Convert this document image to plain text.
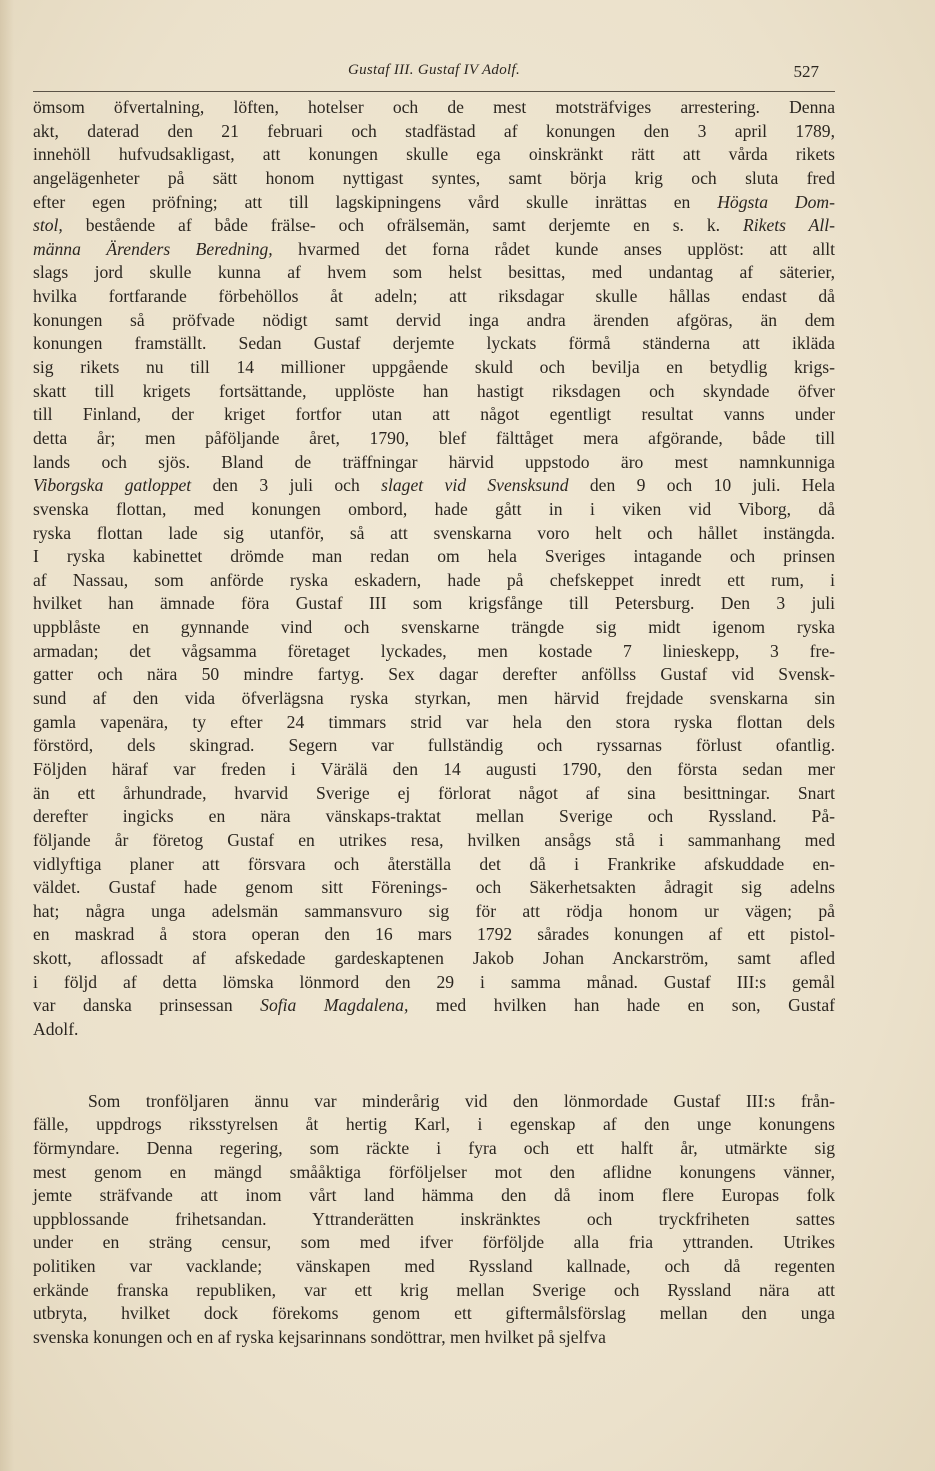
Gustaf III. Gustaf IV Adolf.	527
ömsom öfvertalning, löften, hotelser och de mest motsträfviges arrestering. Denna
akt, daterad den 21 februari och stadfästad af konungen den 3 april 1789,
innehöll hufvudsakligast, att konungen skulle ega oinskränkt rätt att vårda rikets
angelägenheter på sätt honom nyttigast syntes, samt börja krig och sluta fred
efter egen pröfning; att till lagskipningens vård skulle inrättas en Högsta Dom-
stol, bestående af både frälse- och ofrälsemän, samt derjemte en s. k. Rikets All-
männa Ärenders Beredning, hvarmed det forna rådet kunde anses upplöst: att allt
slags jord skulle kunna af hvem som helst besittas, med undantag af säterier,
hvilka fortfarande förbehöllos åt adeln; att riksdagar skulle hållas endast då
konungen så pröfvade nödigt samt dervid inga andra ärenden afgöras, än dem
konungen framställt. Sedan Gustaf derjemte lyckats förmå ständerna att ikläda
sig rikets nu till 14 millioner uppgående skuld och bevilja en betydlig krigs-
skatt till krigets fortsättande, upplöste han hastigt riksdagen och skyndade öfver
till Finland, der kriget fortfor utan att något egentligt resultat vanns under
detta år; men påföljande året, 1790, blef fälttåget mera afgörande, både till
lands och sjös. Bland de träffningar härvid uppstodo äro mest namnkunniga
Viborgska gatloppet den 3 juli och slaget vid Svensksund den 9 och 10 juli. Hela
svenska flottan, med konungen ombord, hade gått in i viken vid Viborg, då
ryska flottan lade sig utanför, så att svenskarna voro helt och hållet instängda.
I ryska kabinettet drömde man redan om hela Sveriges intagande och prinsen
af Nassau, som anförde ryska eskadern, hade på chefskeppet inredt ett rum, i
hvilket han ämnade föra Gustaf III som krigsfånge till Petersburg. Den 3 juli
uppblåste en gynnande vind och svenskarne trängde sig midt igenom ryska
armadan; det vågsamma företaget lyckades, men kostade 7 linieskepp, 3 fre-
gatter och nära 50 mindre fartyg. Sex dagar derefter anföllss Gustaf vid Svensk-
sund af den vida öfverlägsna ryska styrkan, men härvid frejdade svenskarna sin
gamla vapenära, ty efter 24 timmars strid var hela den stora ryska flottan dels
förstörd, dels skingrad. Segern var fullständig och ryssarnas förlust ofantlig.
Följden häraf var freden i Värälä den 14 augusti 1790, den första sedan mer
än ett århundrade, hvarvid Sverige ej förlorat något af sina besittningar. Snart
derefter ingicks en nära vänskaps-traktat mellan Sverige och Ryssland. På-
följande år företog Gustaf en utrikes resa, hvilken ansågs stå i sammanhang med
vidlyftiga planer att försvara och återställa det då i Frankrike afskuddade en-
väldet. Gustaf hade genom sitt Förenings- och Säkerhetsakten ådragit sig adelns
hat; några unga adelsmän sammansvuro sig för att rödja honom ur vägen; på
en maskrad å stora operan den 16 mars 1792 sårades konungen af ett pistol-
skott, aflossadt af afskedade gardeskaptenen Jakob Johan Anckarström, samt afled
i följd af detta lömska lönmord den 29 i samma månad. Gustaf III:s gemål
var danska prinsessan Sofia Magdalena, med hvilken han hade en son, Gustaf
Adolf.
Som tronföljaren ännu var minderårig vid den lönmordade Gustaf III:s från-
fälle, uppdrogs riksstyrelsen åt hertig Karl, i egenskap af den unge konungens
förmyndare. Denna regering, som räckte i fyra och ett halft år, utmärkte sig
mest genom en mängd smååktiga förföljelser mot den aflidne konungens vänner,
jemte sträfvande att inom vårt land hämma den då inom flere Europas folk
uppblossande frihetsandan. Yttranderätten inskränktes och tryckfriheten sattes
under en sträng censur, som med ifver förföljde alla fria yttranden. Utrikes
politiken var vacklande; vänskapen med Ryssland kallnade, och då regenten
erkände franska republiken, var ett krig mellan Sverige och Ryssland nära att
utbryta, hvilket dock förekoms genom ett giftermålsförslag mellan den unga
svenska konungen och en af ryska kejsarinnans sondöttrar, men hvilket på sjelfva
